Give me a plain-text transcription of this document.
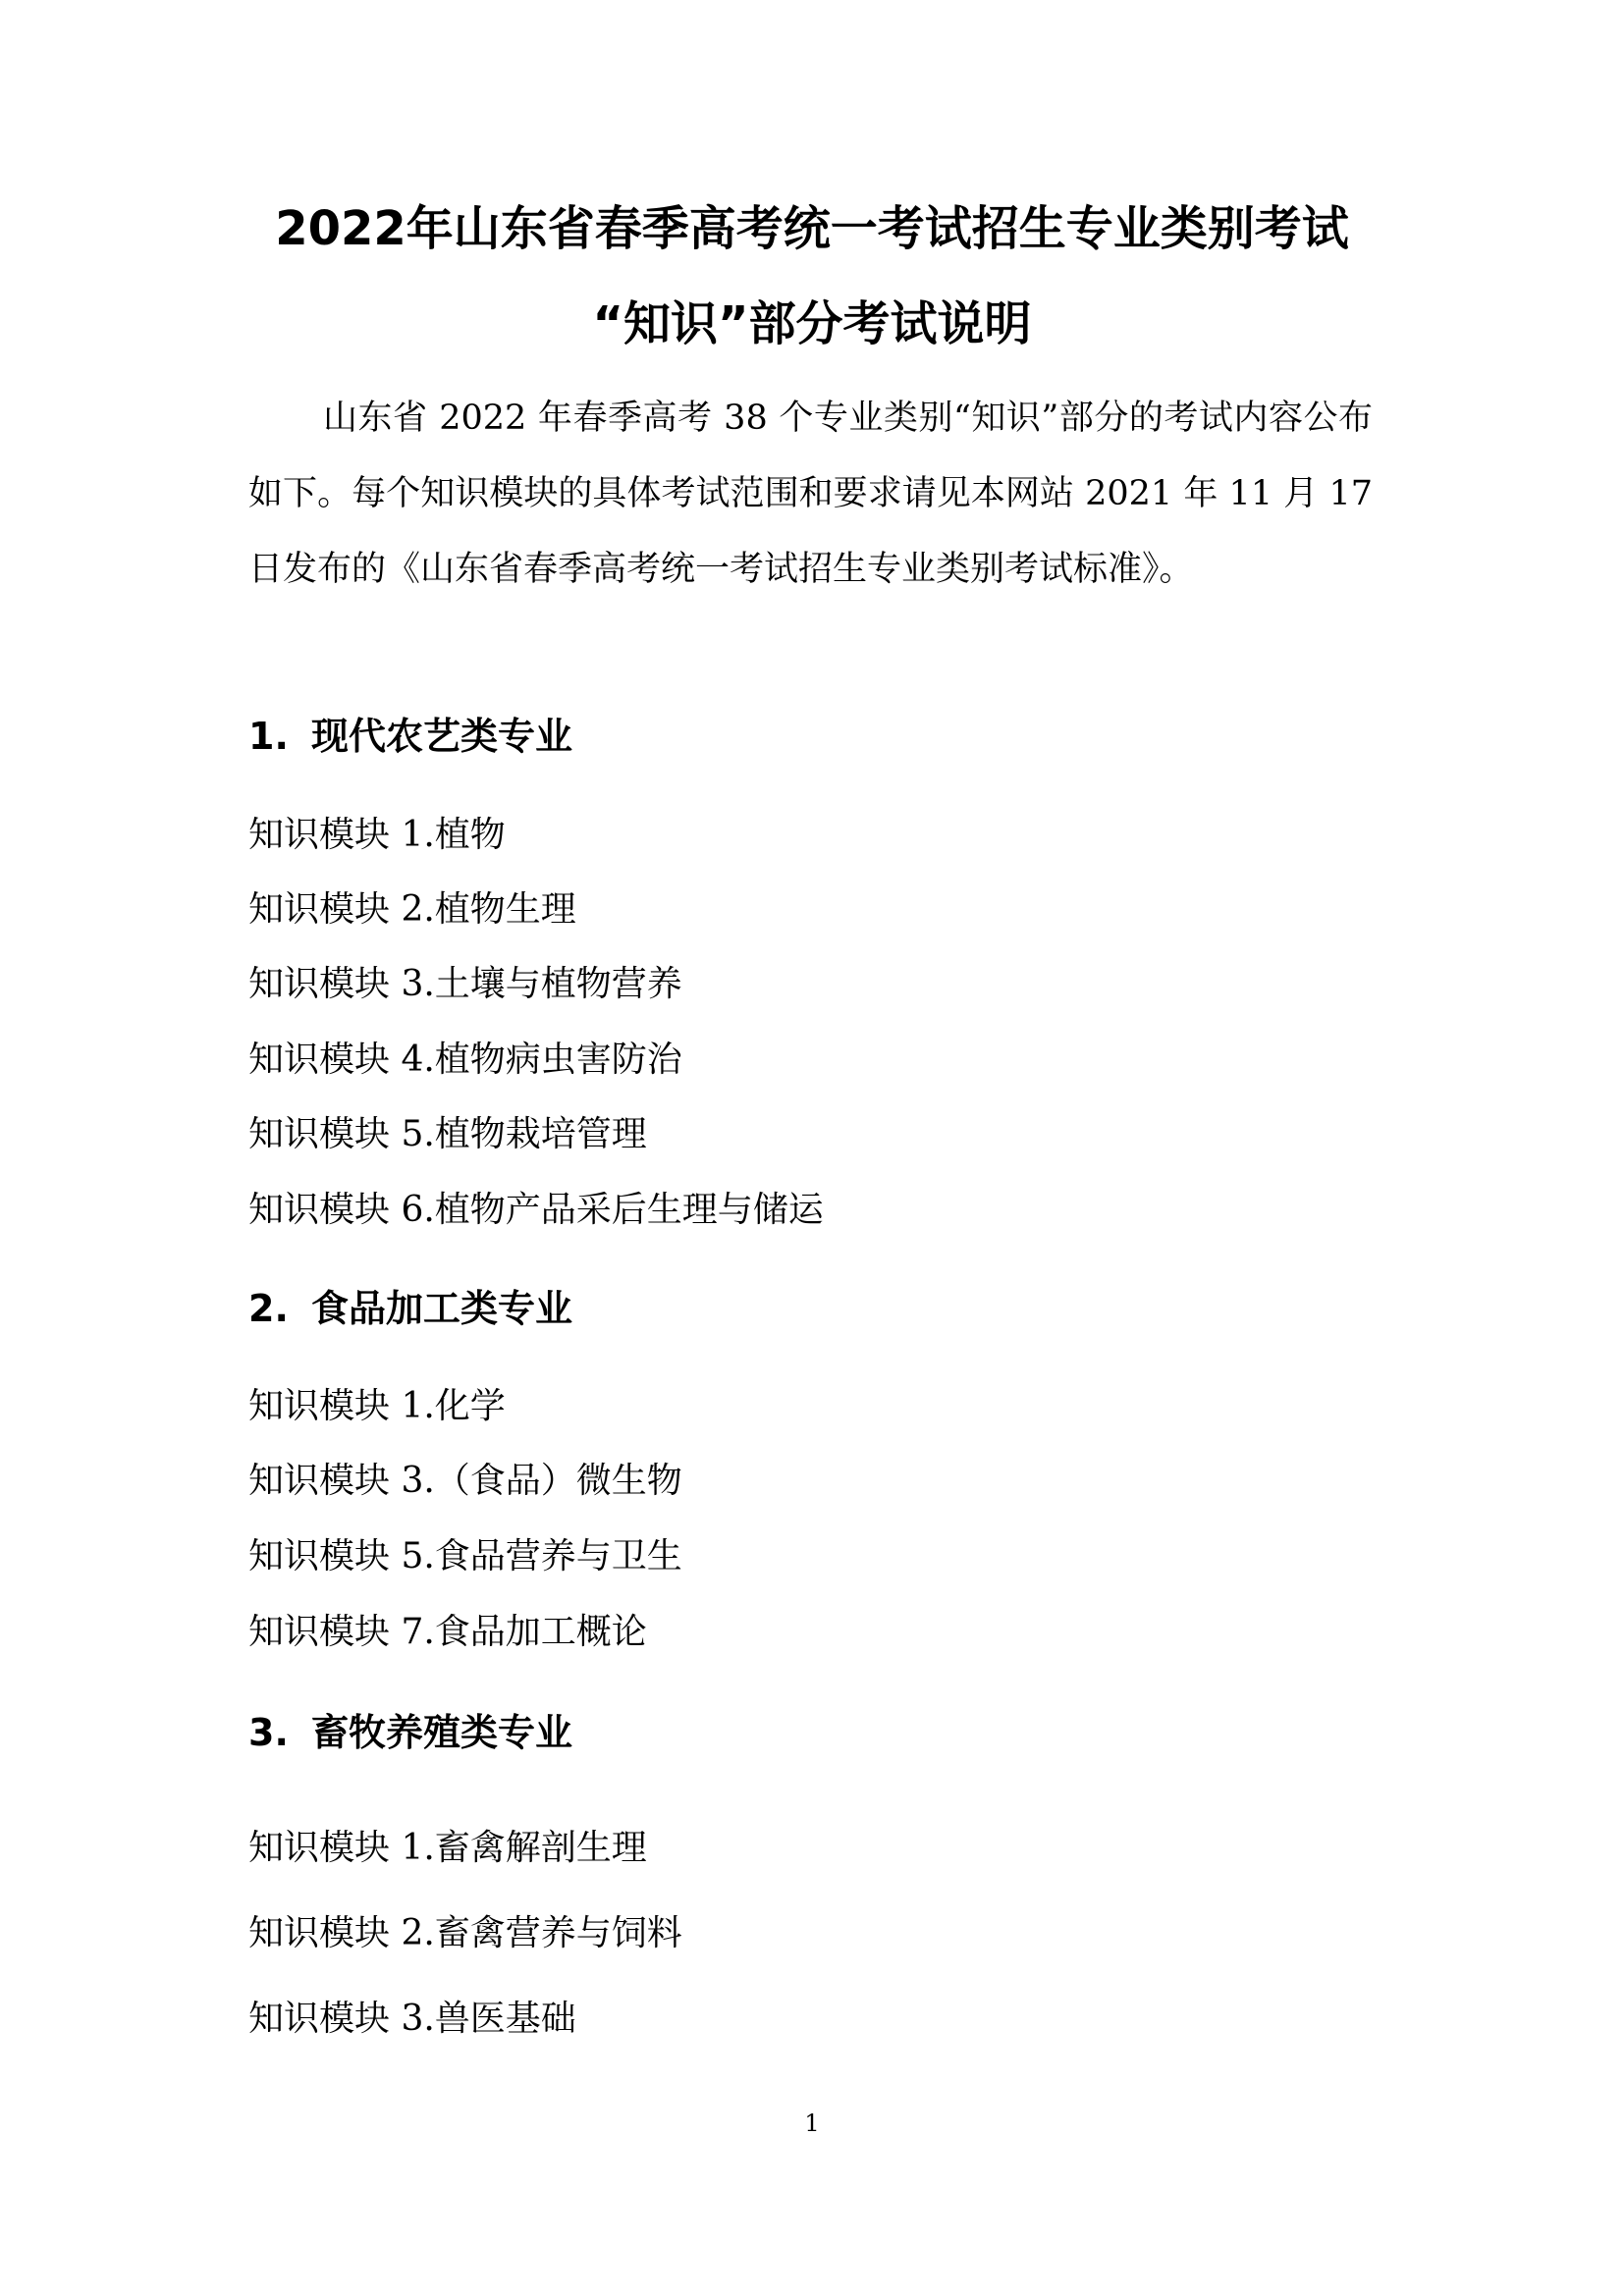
2022年山东省春季高考统一考试招生专业类别考试
“知识”部分考试说明

山东省 2022 年春季高考 38 个专业类别“知识”部分的考试内容公布如下。每个知识模块的具体考试范围和要求请见本网站 2021 年 11 月 17 日发布的《山东省春季高考统一考试招生专业类别考试标准》。

1. 现代农艺类专业

知识模块 1.植物

知识模块 2.植物生理

知识模块 3.土壤与植物营养

知识模块 4.植物病虫害防治

知识模块 5.植物栽培管理

知识模块 6.植物产品采后生理与储运

2. 食品加工类专业

知识模块 1.化学

知识模块 3.（食品）微生物

知识模块 5.食品营养与卫生

知识模块 7.食品加工概论

3. 畜牧养殖类专业

知识模块 1.畜禽解剖生理

知识模块 2.畜禽营养与饲料

知识模块 3.兽医基础

1
